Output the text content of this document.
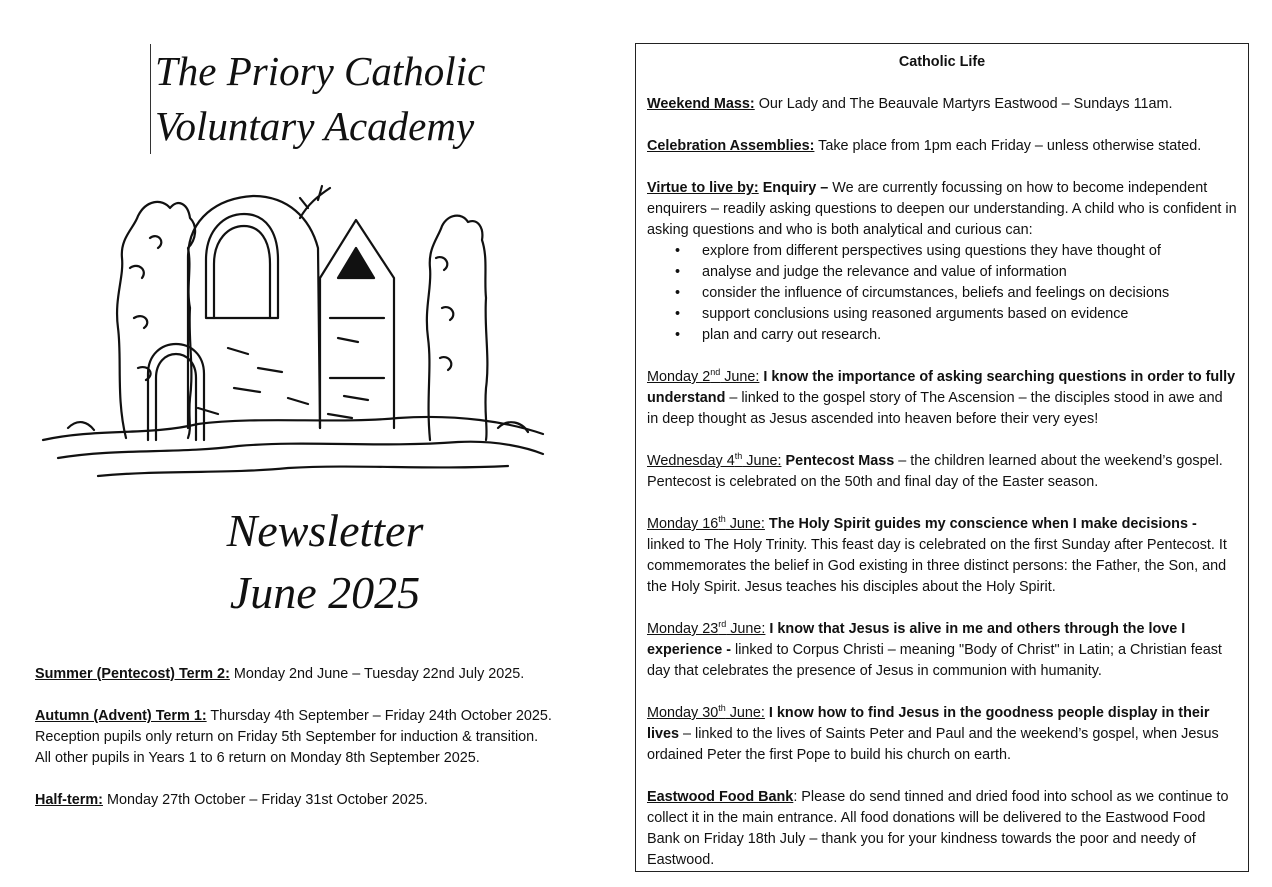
The Priory Catholic
Voluntary Academy
Newsletter
June 2025

Summer (Pentecost) Term 2: Monday 2nd June – Tuesday 22nd July 2025.

Autumn (Advent) Term 1: Thursday 4th September – Friday 24th October 2025.
Reception pupils only return on Friday 5th September for induction & transition.
All other pupils in Years 1 to 6 return on Monday 8th September 2025.

Half-term: Monday 27th October – Friday 31st October 2025.

Catholic Life

Weekend Mass: Our Lady and The Beauvale Martyrs Eastwood – Sundays 11am.

Celebration Assemblies: Take place from 1pm each Friday – unless otherwise stated.

Virtue to live by: Enquiry – We are currently focussing on how to become independent enquirers – readily asking questions to deepen our understanding. A child who is confident in asking questions and who is both analytical and curious can:

• explore from different perspectives using questions they have thought of
• analyse and judge the relevance and value of information
• consider the influence of circumstances, beliefs and feelings on decisions
• support conclusions using reasoned arguments based on evidence
• plan and carry out research.

Monday 2nd June: I know the importance of asking searching questions in order to fully understand – linked to the gospel story of The Ascension – the disciples stood in awe and in deep thought as Jesus ascended into heaven before their very eyes!

Wednesday 4th June: Pentecost Mass – the children learned about the weekend’s gospel. Pentecost is celebrated on the 50th and final day of the Easter season.

Monday 16th June: The Holy Spirit guides my conscience when I make decisions - linked to The Holy Trinity. This feast day is celebrated on the first Sunday after Pentecost. It commemorates the belief in God existing in three distinct persons: the Father, the Son, and the Holy Spirit. Jesus teaches his disciples about the Holy Spirit.

Monday 23rd June: I know that Jesus is alive in me and others through the love I experience - linked to Corpus Christi – meaning "Body of Christ" in Latin; a Christian feast day that celebrates the presence of Jesus in communion with humanity.

Monday 30th June: I know how to find Jesus in the goodness people display in their lives – linked to the lives of Saints Peter and Paul and the weekend’s gospel, when Jesus ordained Peter the first Pope to build his church on earth.

Eastwood Food Bank: Please do send tinned and dried food into school as we continue to collect it in the main entrance. All food donations will be delivered to the Eastwood Food Bank on Friday 18th July – thank you for your kindness towards the poor and needy of Eastwood.
